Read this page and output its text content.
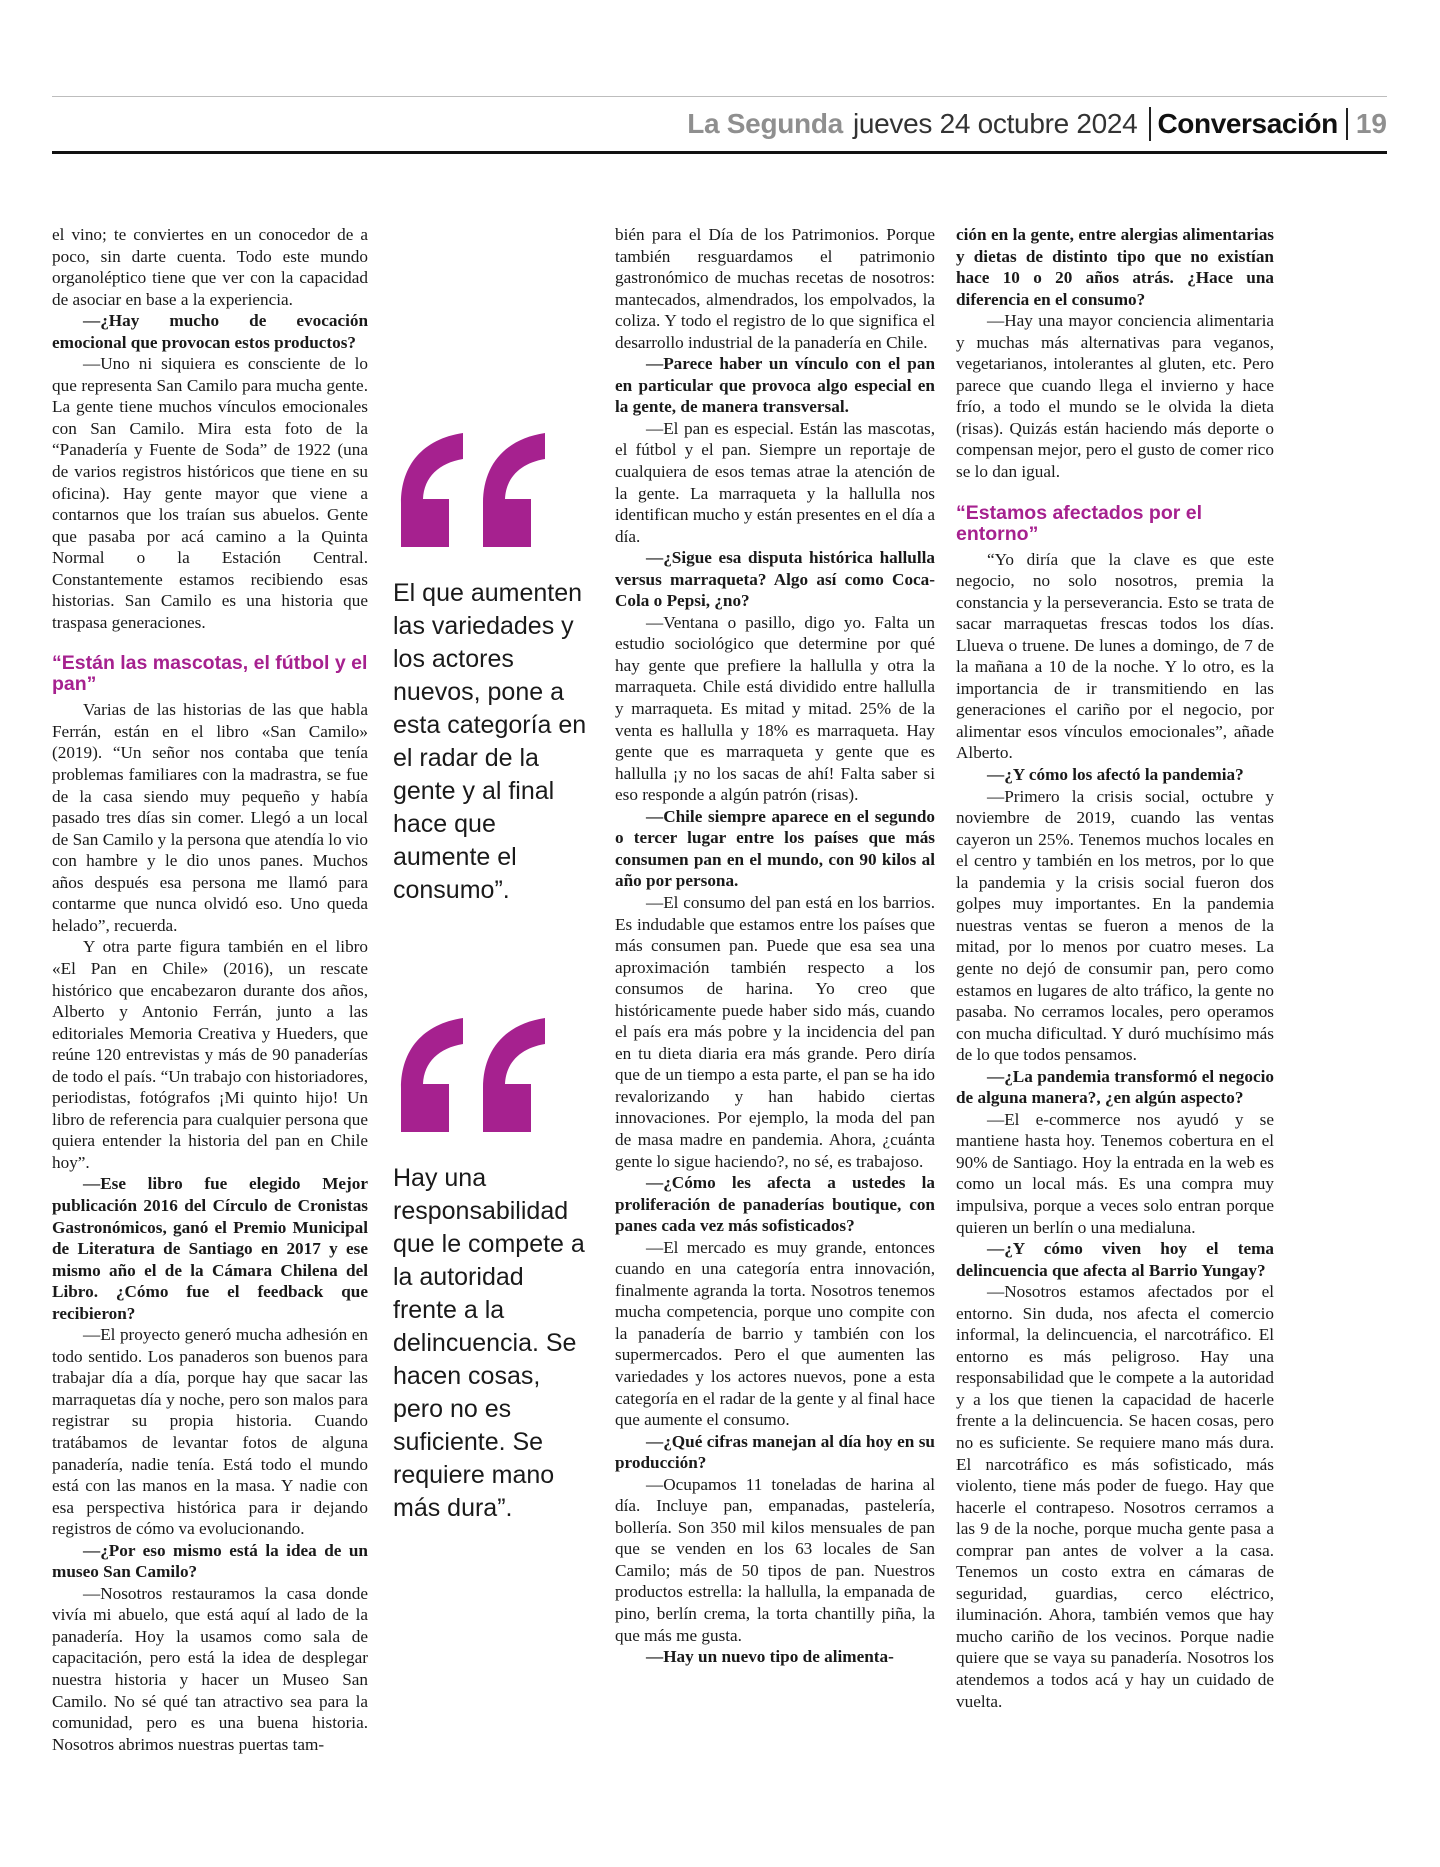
La Segunda jueves 24 octubre 2024 Conversación 19

el vino; te conviertes en un conocedor de a poco, sin darte cuenta. Todo este mundo organoléptico tiene que ver con la capacidad de asociar en base a la experiencia.

—¿Hay mucho de evocación emocional que provocan estos productos?

—Uno ni siquiera es consciente de lo que representa San Camilo para mucha gente. La gente tiene muchos vínculos emocionales con San Camilo. Mira esta foto de la “Panadería y Fuente de Soda” de 1922 (una de varios registros históricos que tiene en su oficina). Hay gente mayor que viene a contarnos que los traían sus abuelos. Gente que pasaba por acá camino a la Quinta Normal o la Estación Central. Constantemente estamos recibiendo esas historias. San Camilo es una historia que traspasa generaciones.

“Están las mascotas, el fútbol y el pan”

Varias de las historias de las que habla Ferrán, están en el libro «San Camilo» (2019). “Un señor nos contaba que tenía problemas familiares con la madrastra, se fue de la casa siendo muy pequeño y había pasado tres días sin comer. Llegó a un local de San Camilo y la persona que atendía lo vio con hambre y le dio unos panes. Muchos años después esa persona me llamó para contarme que nunca olvidó eso. Uno queda helado”, recuerda.

Y otra parte figura también en el libro «El Pan en Chile» (2016), un rescate histórico que encabezaron durante dos años, Alberto y Antonio Ferrán, junto a las editoriales Memoria Creativa y Hueders, que reúne 120 entrevistas y más de 90 panaderías de todo el país. “Un trabajo con historiadores, periodistas, fotógrafos ¡Mi quinto hijo! Un libro de referencia para cualquier persona que quiera entender la historia del pan en Chile hoy”.

—Ese libro fue elegido Mejor publicación 2016 del Círculo de Cronistas Gastronómicos, ganó el Premio Municipal de Literatura de Santiago en 2017 y ese mismo año el de la Cámara Chilena del Libro. ¿Cómo fue el feedback que recibieron?

—El proyecto generó mucha adhesión en todo sentido. Los panaderos son buenos para trabajar día a día, porque hay que sacar las marraquetas día y noche, pero son malos para registrar su propia historia. Cuando tratábamos de levantar fotos de alguna panadería, nadie tenía. Está todo el mundo está con las manos en la masa. Y nadie con esa perspectiva histórica para ir dejando registros de cómo va evolucionando.

—¿Por eso mismo está la idea de un museo San Camilo?

—Nosotros restauramos la casa donde vivía mi abuelo, que está aquí al lado de la panadería. Hoy la usamos como sala de capacitación, pero está la idea de desplegar nuestra historia y hacer un Museo San Camilo. No sé qué tan atractivo sea para la comunidad, pero es una buena historia. Nosotros abrimos nuestras puertas tam-

El que aumenten las variedades y los actores nuevos, pone a esta categoría en el radar de la gente y al final hace que aumente el consumo”.
Hay una responsabilidad que le compete a la autoridad frente a la delincuencia. Se hacen cosas, pero no es suficiente. Se requiere mano más dura”.

bién para el Día de los Patrimonios. Porque también resguardamos el patrimonio gastronómico de muchas recetas de nosotros: mantecados, almendrados, los empolvados, la coliza. Y todo el registro de lo que significa el desarrollo industrial de la panadería en Chile.

—Parece haber un vínculo con el pan en particular que provoca algo especial en la gente, de manera transversal.

—El pan es especial. Están las mascotas, el fútbol y el pan. Siempre un reportaje de cualquiera de esos temas atrae la atención de la gente. La marraqueta y la hallulla nos identifican mucho y están presentes en el día a día.

—¿Sigue esa disputa histórica hallulla versus marraqueta? Algo así como Coca-Cola o Pepsi, ¿no?

—Ventana o pasillo, digo yo. Falta un estudio sociológico que determine por qué hay gente que prefiere la hallulla y otra la marraqueta. Chile está dividido entre hallulla y marraqueta. Es mitad y mitad. 25% de la venta es hallulla y 18% es marraqueta. Hay gente que es marraqueta y gente que es hallulla ¡y no los sacas de ahí! Falta saber si eso responde a algún patrón (risas).

—Chile siempre aparece en el segundo o tercer lugar entre los países que más consumen pan en el mundo, con 90 kilos al año por persona.

—El consumo del pan está en los barrios. Es indudable que estamos entre los países que más consumen pan. Puede que esa sea una aproximación también respecto a los consumos de harina. Yo creo que históricamente puede haber sido más, cuando el país era más pobre y la incidencia del pan en tu dieta diaria era más grande. Pero diría que de un tiempo a esta parte, el pan se ha ido revalorizando y han habido ciertas innovaciones. Por ejemplo, la moda del pan de masa madre en pandemia. Ahora, ¿cuánta gente lo sigue haciendo?, no sé, es trabajoso.

—¿Cómo les afecta a ustedes la proliferación de panaderías boutique, con panes cada vez más sofisticados?

—El mercado es muy grande, entonces cuando en una categoría entra innovación, finalmente agranda la torta. Nosotros tenemos mucha competencia, porque uno compite con la panadería de barrio y también con los supermercados. Pero el que aumenten las variedades y los actores nuevos, pone a esta categoría en el radar de la gente y al final hace que aumente el consumo.

—¿Qué cifras manejan al día hoy en su producción?

—Ocupamos 11 toneladas de harina al día. Incluye pan, empanadas, pastelería, bollería. Son 350 mil kilos mensuales de pan que se venden en los 63 locales de San Camilo; más de 50 tipos de pan. Nuestros productos estrella: la hallulla, la empanada de pino, berlín crema, la torta chantilly piña, la que más me gusta.

—Hay un nuevo tipo de alimenta-

ción en la gente, entre alergias alimentarias y dietas de distinto tipo que no existían hace 10 o 20 años atrás. ¿Hace una diferencia en el consumo?

—Hay una mayor conciencia alimentaria y muchas más alternativas para veganos, vegetarianos, intolerantes al gluten, etc. Pero parece que cuando llega el invierno y hace frío, a todo el mundo se le olvida la dieta (risas). Quizás están haciendo más deporte o compensan mejor, pero el gusto de comer rico se lo dan igual.

“Estamos afectados por el entorno”

“Yo diría que la clave es que este negocio, no solo nosotros, premia la constancia y la perseverancia. Esto se trata de sacar marraquetas frescas todos los días. Llueva o truene. De lunes a domingo, de 7 de la mañana a 10 de la noche. Y lo otro, es la importancia de ir transmitiendo en las generaciones el cariño por el negocio, por alimentar esos vínculos emocionales”, añade Alberto.

—¿Y cómo los afectó la pandemia?

—Primero la crisis social, octubre y noviembre de 2019, cuando las ventas cayeron un 25%. Tenemos muchos locales en el centro y también en los metros, por lo que la pandemia y la crisis social fueron dos golpes muy importantes. En la pandemia nuestras ventas se fueron a menos de la mitad, por lo menos por cuatro meses. La gente no dejó de consumir pan, pero como estamos en lugares de alto tráfico, la gente no pasaba. No cerramos locales, pero operamos con mucha dificultad. Y duró muchísimo más de lo que todos pensamos.

—¿La pandemia transformó el negocio de alguna manera?, ¿en algún aspecto?

—El e-commerce nos ayudó y se mantiene hasta hoy. Tenemos cobertura en el 90% de Santiago. Hoy la entrada en la web es como un local más. Es una compra muy impulsiva, porque a veces solo entran porque quieren un berlín o una medialuna.

—¿Y cómo viven hoy el tema delincuencia que afecta al Barrio Yungay?

—Nosotros estamos afectados por el entorno. Sin duda, nos afecta el comercio informal, la delincuencia, el narcotráfico. El entorno es más peligroso. Hay una responsabilidad que le compete a la autoridad y a los que tienen la capacidad de hacerle frente a la delincuencia. Se hacen cosas, pero no es suficiente. Se requiere mano más dura. El narcotráfico es más sofisticado, más violento, tiene más poder de fuego. Hay que hacerle el contrapeso. Nosotros cerramos a las 9 de la noche, porque mucha gente pasa a comprar pan antes de volver a la casa. Tenemos un costo extra en cámaras de seguridad, guardias, cerco eléctrico, iluminación. Ahora, también vemos que hay mucho cariño de los vecinos. Porque nadie quiere que se vaya su panadería. Nosotros los atendemos a todos acá y hay un cuidado de vuelta.
